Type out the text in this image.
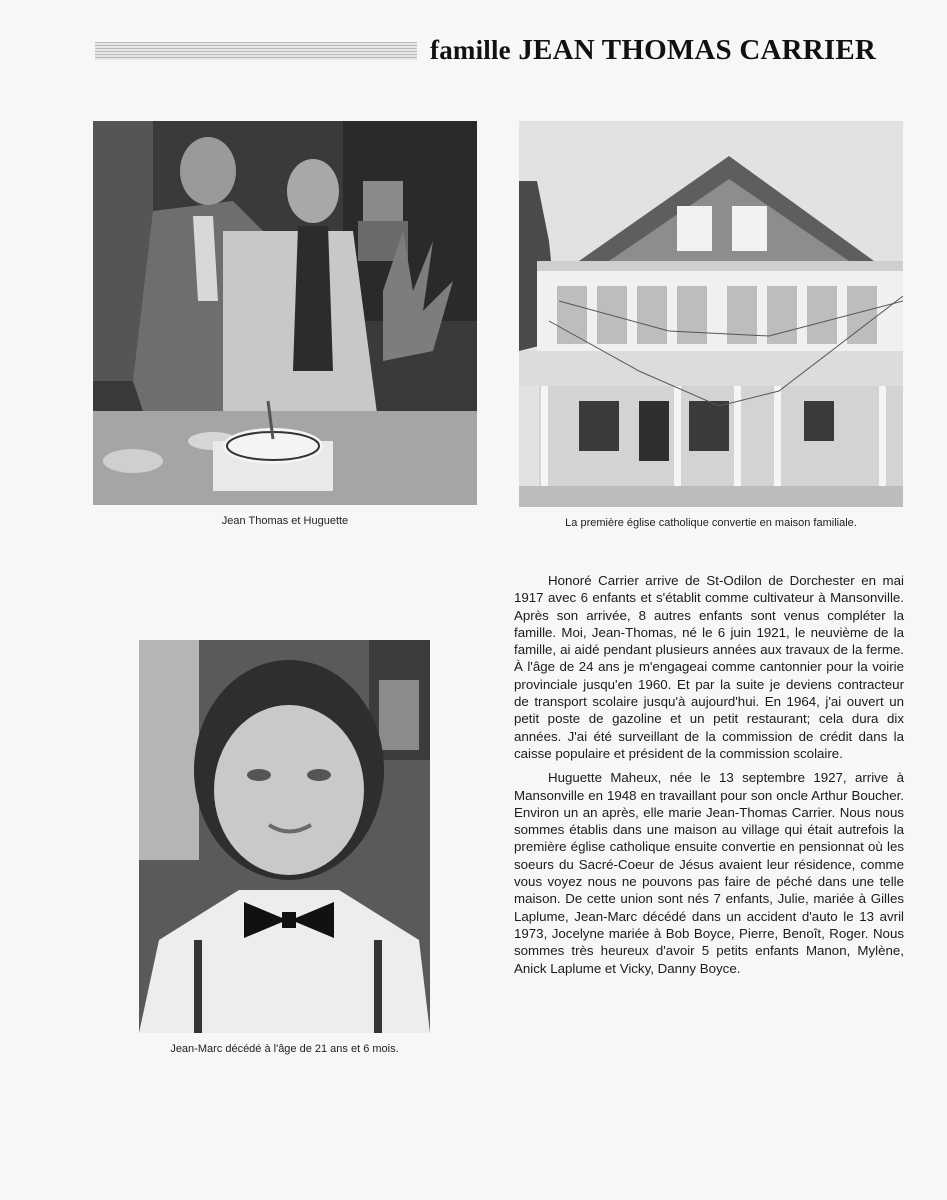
famille JEAN THOMAS CARRIER
Jean Thomas et Huguette	La première église catholique convertie en maison familiale.
Jean-Marc décédé à l'âge de 21 ans et 6 mois.

Honoré Carrier arrive de St-Odilon de Dorchester en mai 1917 avec 6 enfants et s'établit comme cultivateur à Mansonville. Après son arrivée, 8 autres enfants sont venus compléter la famille. Moi, Jean-Thomas, né le 6 juin 1921, le neuvième de la famille, ai aidé pendant plusieurs années aux travaux de la ferme. À l'âge de 24 ans je m'engageai comme cantonnier pour la voirie provinciale jusqu'en 1960. Et par la suite je deviens contracteur de transport scolaire jusqu'à aujourd'hui. En 1964, j'ai ouvert un petit poste de gazoline et un petit restaurant; cela dura dix années. J'ai été surveillant de la commission de crédit dans la caisse populaire et président de la commission scolaire.

Huguette Maheux, née le 13 septembre 1927, arrive à Mansonville en 1948 en travaillant pour son oncle Arthur Boucher. Environ un an après, elle marie Jean-Thomas Carrier. Nous nous sommes établis dans une maison au village qui était autrefois la première église catholique ensuite convertie en pensionnat où les soeurs du Sacré-Coeur de Jésus avaient leur résidence, comme vous voyez nous ne pouvons pas faire de péché dans une telle maison. De cette union sont nés 7 enfants, Julie, mariée à Gilles Laplume, Jean-Marc décédé dans un accident d'auto le 13 avril 1973, Jocelyne mariée à Bob Boyce, Pierre, Benoît, Roger. Nous sommes très heureux d'avoir 5 petits enfants Manon, Mylène, Anick Laplume et Vicky, Danny Boyce.
